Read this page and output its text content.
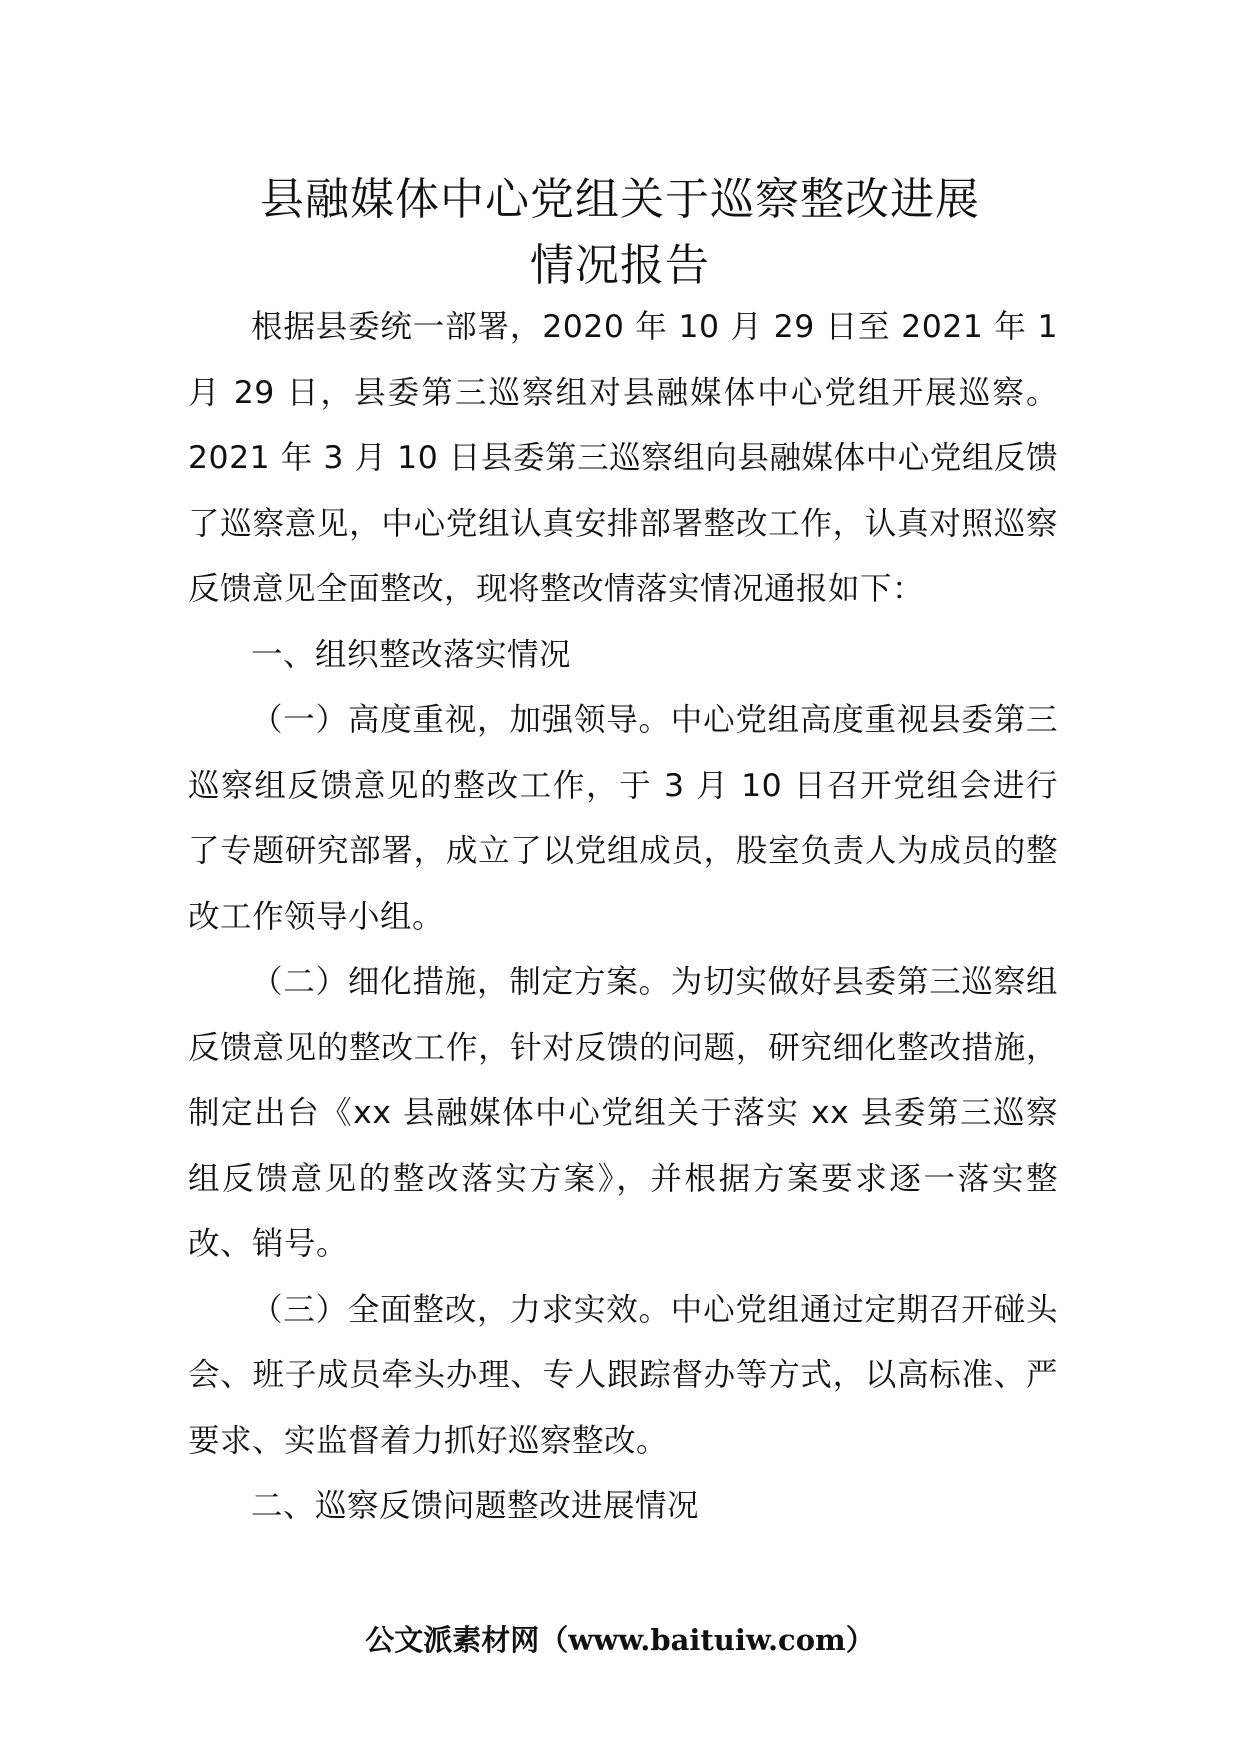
县融媒体中心党组关于巡察整改进展
情况报告

根据县委统一部署，2020 年 10 月 29 日至 2021 年 1 月 29 日，县委第三巡察组对县融媒体中心党组开展巡察。2021 年 3 月 10 日县委第三巡察组向县融媒体中心党组反馈了巡察意见，中心党组认真安排部署整改工作，认真对照巡察反馈意见全面整改，现将整改情落实情况通报如下：

一、组织整改落实情况

（一）高度重视，加强领导。中心党组高度重视县委第三巡察组反馈意见的整改工作，于 3 月 10 日召开党组会进行了专题研究部署，成立了以党组成员，股室负责人为成员的整改工作领导小组。

（二）细化措施，制定方案。为切实做好县委第三巡察组反馈意见的整改工作，针对反馈的问题，研究细化整改措施，制定出台《xx 县融媒体中心党组关于落实 xx 县委第三巡察组反馈意见的整改落实方案》，并根据方案要求逐一落实整改、销号。

（三）全面整改，力求实效。中心党组通过定期召开碰头会、班子成员牵头办理、专人跟踪督办等方式，以高标准、严要求、实监督着力抓好巡察整改。

二、巡察反馈问题整改进展情况

公文派素材网（www.baituiw.com）
